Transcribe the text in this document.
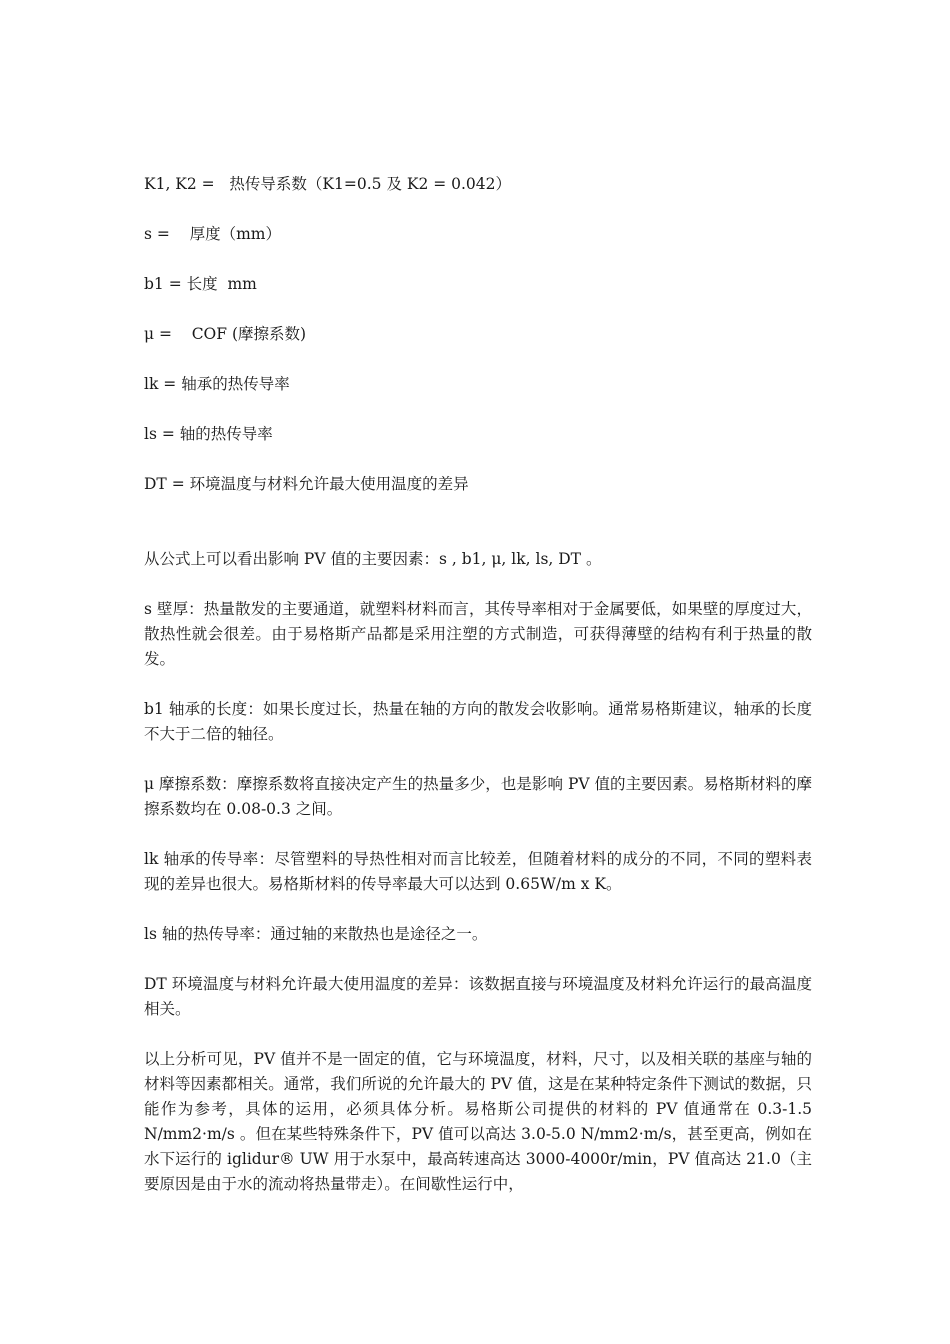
K1, K2 =   热传导系数（K1=0.5 及 K2 = 0.042）
s =    厚度（mm）
b1 = 长度  mm
μ =    COF (摩擦系数)
lk = 轴承的热传导率
ls = 轴的热传导率
DT = 环境温度与材料允许最大使用温度的差异

从公式上可以看出影响 PV 值的主要因素：s , b1, μ, lk, ls, DT 。

s 壁厚：热量散发的主要通道，就塑料材料而言，其传导率相对于金属要低，如果壁的厚度过大，散热性就会很差。由于易格斯产品都是采用注塑的方式制造，可获得薄壁的结构有利于热量的散发。

b1 轴承的长度：如果长度过长，热量在轴的方向的散发会收影响。通常易格斯建议，轴承的长度不大于二倍的轴径。

μ 摩擦系数：摩擦系数将直接决定产生的热量多少，也是影响 PV 值的主要因素。易格斯材料的摩擦系数均在 0.08-0.3 之间。

lk 轴承的传导率：尽管塑料的导热性相对而言比较差，但随着材料的成分的不同，不同的塑料表现的差异也很大。易格斯材料的传导率最大可以达到 0.65W/m x K。

ls 轴的热传导率：通过轴的来散热也是途径之一。

DT 环境温度与材料允许最大使用温度的差异：该数据直接与环境温度及材料允许运行的最高温度相关。

以上分析可见，PV 值并不是一固定的值，它与环境温度，材料，尺寸，以及相关联的基座与轴的材料等因素都相关。通常，我们所说的允许最大的 PV 值，这是在某种特定条件下测试的数据，只能作为参考，具体的运用，必须具体分析。易格斯公司提供的材料的 PV 值通常在 0.3-1.5 N/mm2·m/s 。但在某些特殊条件下，PV 值可以高达 3.0-5.0 N/mm2·m/s，甚至更高，例如在水下运行的 iglidur® UW 用于水泵中，最高转速高达 3000-4000r/min，PV 值高达 21.0（主要原因是由于水的流动将热量带走）。在间歇性运行中，
